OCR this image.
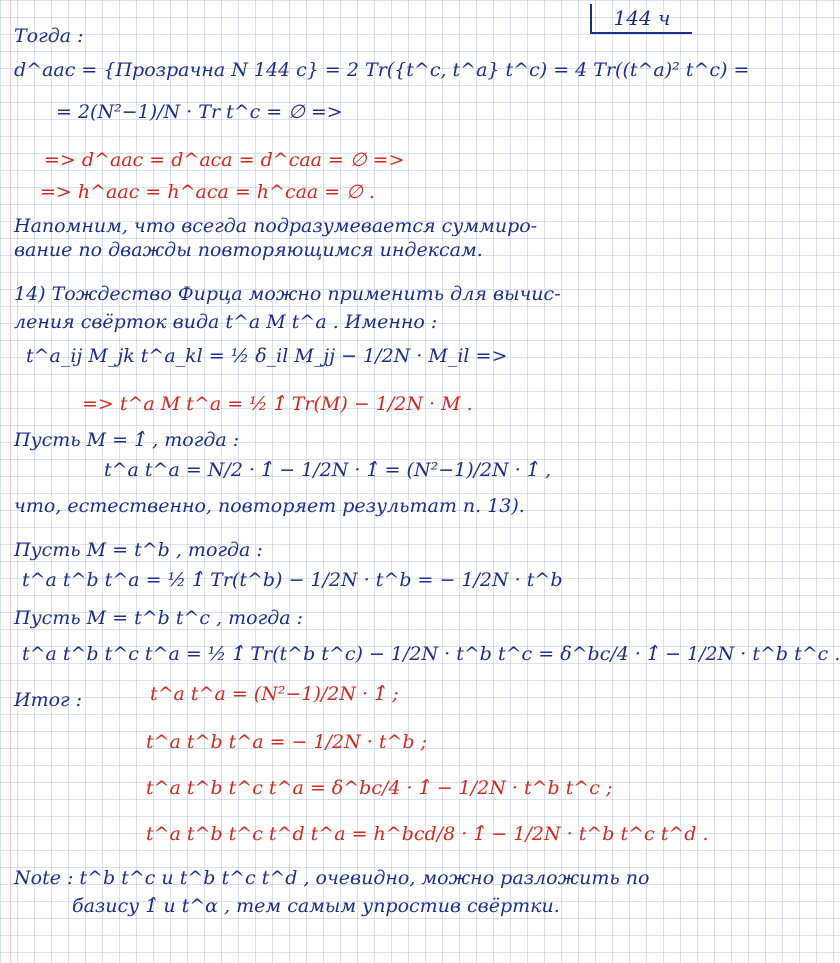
144 ч
Тогда :
d^aac = {Прозрачна N 144 с} = 2 Tr({t^c, t^a} t^c) = 4 Tr((t^a)² t^c) =
= 2(N²−1)/N · Tr t^c = ∅ =>
=> d^aac = d^aca = d^caa = ∅ =>
=> h^aac = h^aca = h^caa = ∅ .
Напомним, что всегда подразумевается суммиро-
вание по дважды повторяющимся индексам.
14) Тождество Фирца можно применить для вычис-
ления свёрток вида t^a M t^a . Именно :
t^a_ij M_jk t^a_kl = ½ δ_il M_jj − 1/2N · M_il =>
=> t^a M t^a = ½ 1̂ Tr(M) − 1/2N · M .
Пусть M = 1̂ , тогда :
t^a t^a = N/2 · 1̂ − 1/2N · 1̂ = (N²−1)/2N · 1̂ ,
что, естественно, повторяет результат п. 13).
Пусть M = t^b , тогда :
t^a t^b t^a = ½ 1̂ Tr(t^b) − 1/2N · t^b = − 1/2N · t^b
Пусть M = t^b t^c , тогда :
t^a t^b t^c t^a = ½ 1̂ Tr(t^b t^c) − 1/2N · t^b t^c = δ^bc/4 · 1̂ − 1/2N · t^b t^c .
Итог :	t^a t^a = (N²−1)/2N · 1̂ ;
t^a t^b t^a = − 1/2N · t^b ;
t^a t^b t^c t^a = δ^bc/4 · 1̂ − 1/2N · t^b t^c ;
t^a t^b t^c t^d t^a = h^bcd/8 · 1̂ − 1/2N · t^b t^c t^d .
Note : t^b t^c и t^b t^c t^d , очевидно, можно разложить по
базису 1̂ и t^α , тем самым упростив свёртки.
